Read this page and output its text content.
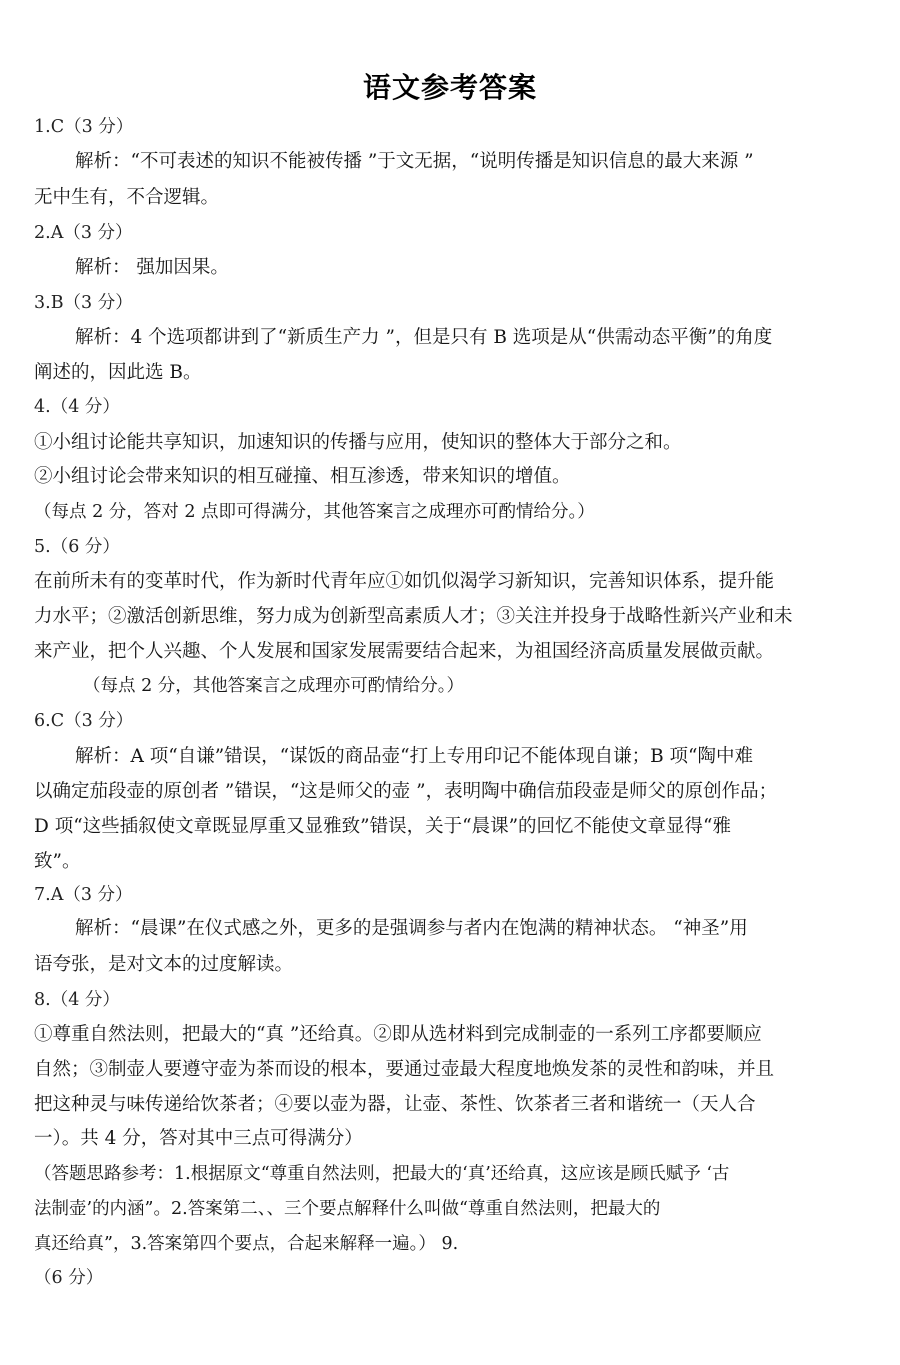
语文参考答案
1.C（3 分）
解析：“不可表述的知识不能被传播 ”于文无据，“说明传播是知识信息的最大来源 ”
无中生有，不合逻辑。
2.A（3 分）
解析： 强加因果。
3.B（3 分）
解析：4 个选项都讲到了“新质生产力 ”，但是只有 B 选项是从“供需动态平衡”的角度
阐述的，因此选 B。
4.（4 分）
①小组讨论能共享知识，加速知识的传播与应用，使知识的整体大于部分之和。
②小组讨论会带来知识的相互碰撞、相互渗透，带来知识的增值。
（每点 2 分，答对 2 点即可得满分，其他答案言之成理亦可酌情给分。）
5.（6 分）
在前所未有的变革时代，作为新时代青年应①如饥似渴学习新知识，完善知识体系，提升能
力水平；②激活创新思维，努力成为创新型高素质人才；③关注并投身于战略性新兴产业和未
来产业，把个人兴趣、个人发展和国家发展需要结合起来，为祖国经济高质量发展做贡献。
（每点 2 分，其他答案言之成理亦可酌情给分。）
6.C（3 分）
解析：A 项“自谦”错误，“谋饭的商品壶“打上专用印记不能体现自谦；B 项“陶中难
以确定茄段壶的原创者 ”错误，“这是师父的壶 ”，表明陶中确信茄段壶是师父的原创作品；
D 项“这些插叙使文章既显厚重又显雅致”错误，关于“晨课”的回忆不能使文章显得“雅
致”。
7.A（3 分）
解析：“晨课”在仪式感之外，更多的是强调参与者内在饱满的精神状态。 “神圣”用
语夸张，是对文本的过度解读。
8.（4 分）
①尊重自然法则，把最大的“真 ”还给真。②即从选材料到完成制壶的一系列工序都要顺应
自然；③制壶人要遵守壶为茶而设的根本，要通过壶最大程度地焕发茶的灵性和韵味，并且
把这种灵与味传递给饮茶者；④要以壶为器，让壶、茶性、饮茶者三者和谐统一（天人合
一）。共 4 分，答对其中三点可得满分）
（答题思路参考：1.根据原文“尊重自然法则，把最大的‘真’还给真，这应该是顾氏赋予 ‘古
法制壶’的内涵”。2.答案第二、、三个要点解释什么叫做“尊重自然法则，把最大的
真还给真”，3.答案第四个要点，合起来解释一遍。） 9.
（6 分）
